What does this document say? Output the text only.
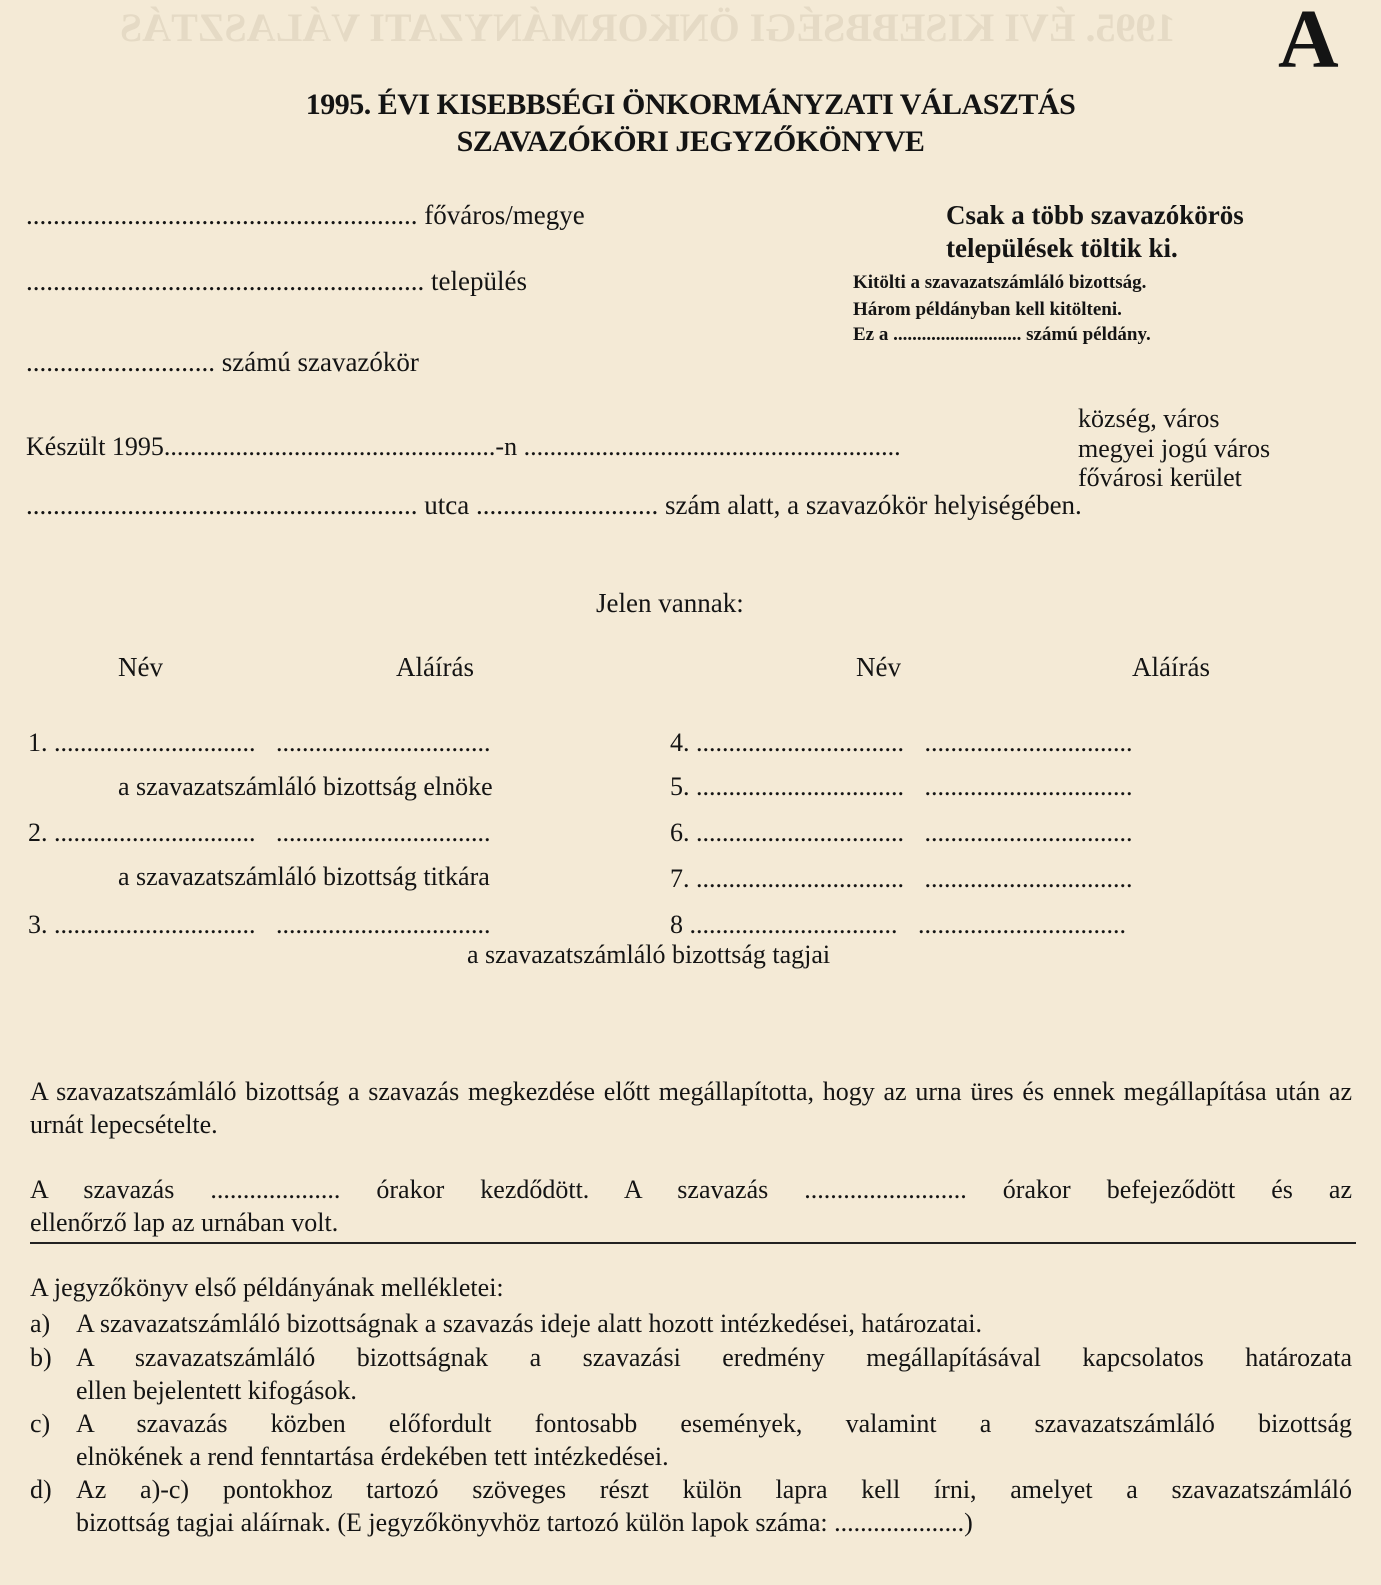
1995. ÉVI KISEBBSÉGI ÖNKORMÁNYZATI VÁLASZTÁS A
1995. ÉVI KISEBBSÉGI ÖNKORMÁNYZATI VÁLASZTÁS
SZAVAZÓKÖRI JEGYZŐKÖNYVE
.......................................................... főváros/megye
........................................................... település
............................ számú szavazókör
Csak a több szavazókörös
települések töltik ki.
Kitölti a szavazatszámláló bizottság.
Három példányban kell kitölteni.
Ez a ........................... számú példány.
község, város
Készült 1995...................................................-n ..........................................................	megyei jogú város
fővárosi kerület
.......................................................... utca ........................... szám alatt, a szavazókör helyiségében.
Jelen vannak:
Név	Aláírás	Név	Aláírás
1. ............................... .................................
a szavazatszámláló bizottság elnöke
2. ............................... .................................
a szavazatszámláló bizottság titkára
3. ............................... .................................
4. ................................ ................................
5. ................................ ................................
6. ................................ ................................
7. ................................ ................................
8 ................................ ................................
a szavazatszámláló bizottság tagjai
A szavazatszámláló bizottság a szavazás megkezdése előtt megállapította, hogy az urna üres és ennek megállapítása után az urnát lepecsételte.
A szavazás .................... órakor kezdődött. A szavazás ......................... órakor befejeződött és az
ellenőrző lap az urnában volt.
A jegyzőkönyv első példányának mellékletei:
a) A szavazatszámláló bizottságnak a szavazás ideje alatt hozott intézkedései, határozatai.
b) A szavazatszámláló bizottságnak a szavazási eredmény megállapításával kapcsolatos határozata
ellen bejelentett kifogások.
c) A szavazás közben előfordult fontosabb események, valamint a szavazatszámláló bizottság
elnökének a rend fenntartása érdekében tett intézkedései.
d) Az a)-c) pontokhoz tartozó szöveges részt külön lapra kell írni, amelyet a szavazatszámláló
bizottság tagjai aláírnak. (E jegyzőkönyvhöz tartozó külön lapok száma: ....................)
